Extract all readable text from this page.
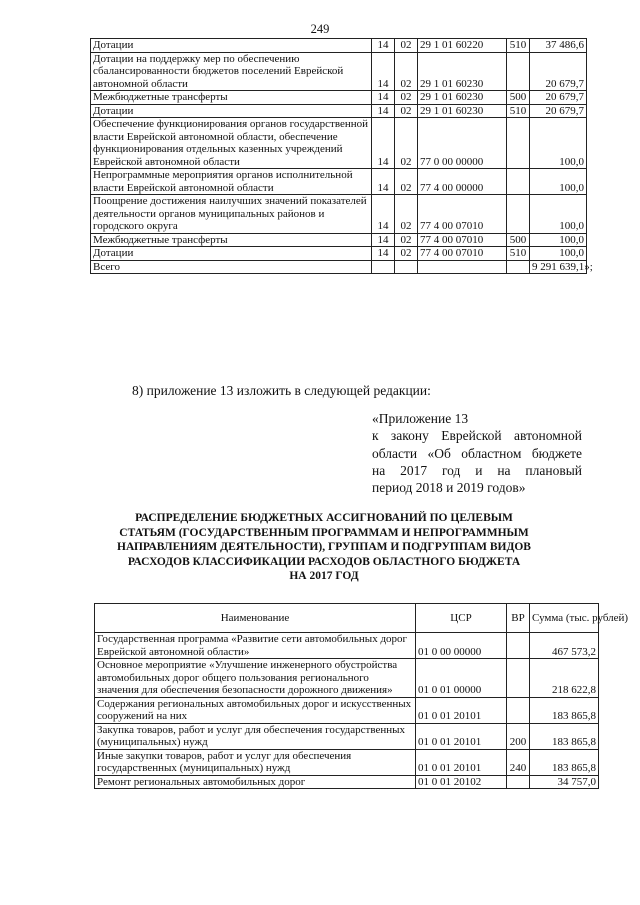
249
Дотации	14	02	29 1 01 60220	510	37 486,6
Дотации на поддержку мер по обеспечению сбалансированности бюджетов поселений Еврейской автономной области	14	02	29 1 01 60230		20 679,7
Межбюджетные трансферты	14	02	29 1 01 60230	500	20 679,7
Дотации	14	02	29 1 01 60230	510	20 679,7
Обеспечение функционирования органов государственной власти Еврейской автономной области, обеспечение функционирования отдельных казенных учреждений Еврейской автономной области	14	02	77 0 00 00000		100,0
Непрограммные мероприятия органов исполнительной власти Еврейской автономной области	14	02	77 4 00 00000		100,0
Поощрение достижения наилучших значений показателей деятельности органов муниципальных районов и городского округа	14	02	77 4 00 07010		100,0
Межбюджетные трансферты	14	02	77 4 00 07010	500	100,0
Дотации	14	02	77 4 00 07010	510	100,0
Всего					9 291 639,1»;
8) приложение 13 изложить в следующей редакции:
«Приложение 13
к закону Еврейской автономной
области «Об областном бюджете
на 2017 год и на плановый
период 2018 и 2019 годов»
РАСПРЕДЕЛЕНИЕ БЮДЖЕТНЫХ АССИГНОВАНИЙ ПО ЦЕЛЕВЫМ
СТАТЬЯМ (ГОСУДАРСТВЕННЫМ ПРОГРАММАМ И НЕПРОГРАММНЫМ
НАПРАВЛЕНИЯМ ДЕЯТЕЛЬНОСТИ), ГРУППАМ И ПОДГРУППАМ ВИДОВ
РАСХОДОВ КЛАССИФИКАЦИИ РАСХОДОВ ОБЛАСТНОГО БЮДЖЕТА
НА 2017 ГОД
Наименование	ЦСР	ВР	Сумма (тыс. рублей)
Государственная программа «Развитие сети автомобильных дорог Еврейской автономной области»	01 0 00 00000		467 573,2
Основное мероприятие «Улучшение инженерного обустройства автомобильных дорог общего пользования регионального значения для обеспечения безопасности дорожного движения»	01 0 01 00000		218 622,8
Содержания региональных автомобильных дорог и искусственных сооружений на них	01 0 01 20101		183 865,8
Закупка товаров, работ и услуг для обеспечения государственных (муниципальных) нужд	01 0 01 20101	200	183 865,8
Иные закупки товаров, работ и услуг для обеспечения государственных (муниципальных) нужд	01 0 01 20101	240	183 865,8
Ремонт региональных автомобильных дорог	01 0 01 20102		34 757,0
